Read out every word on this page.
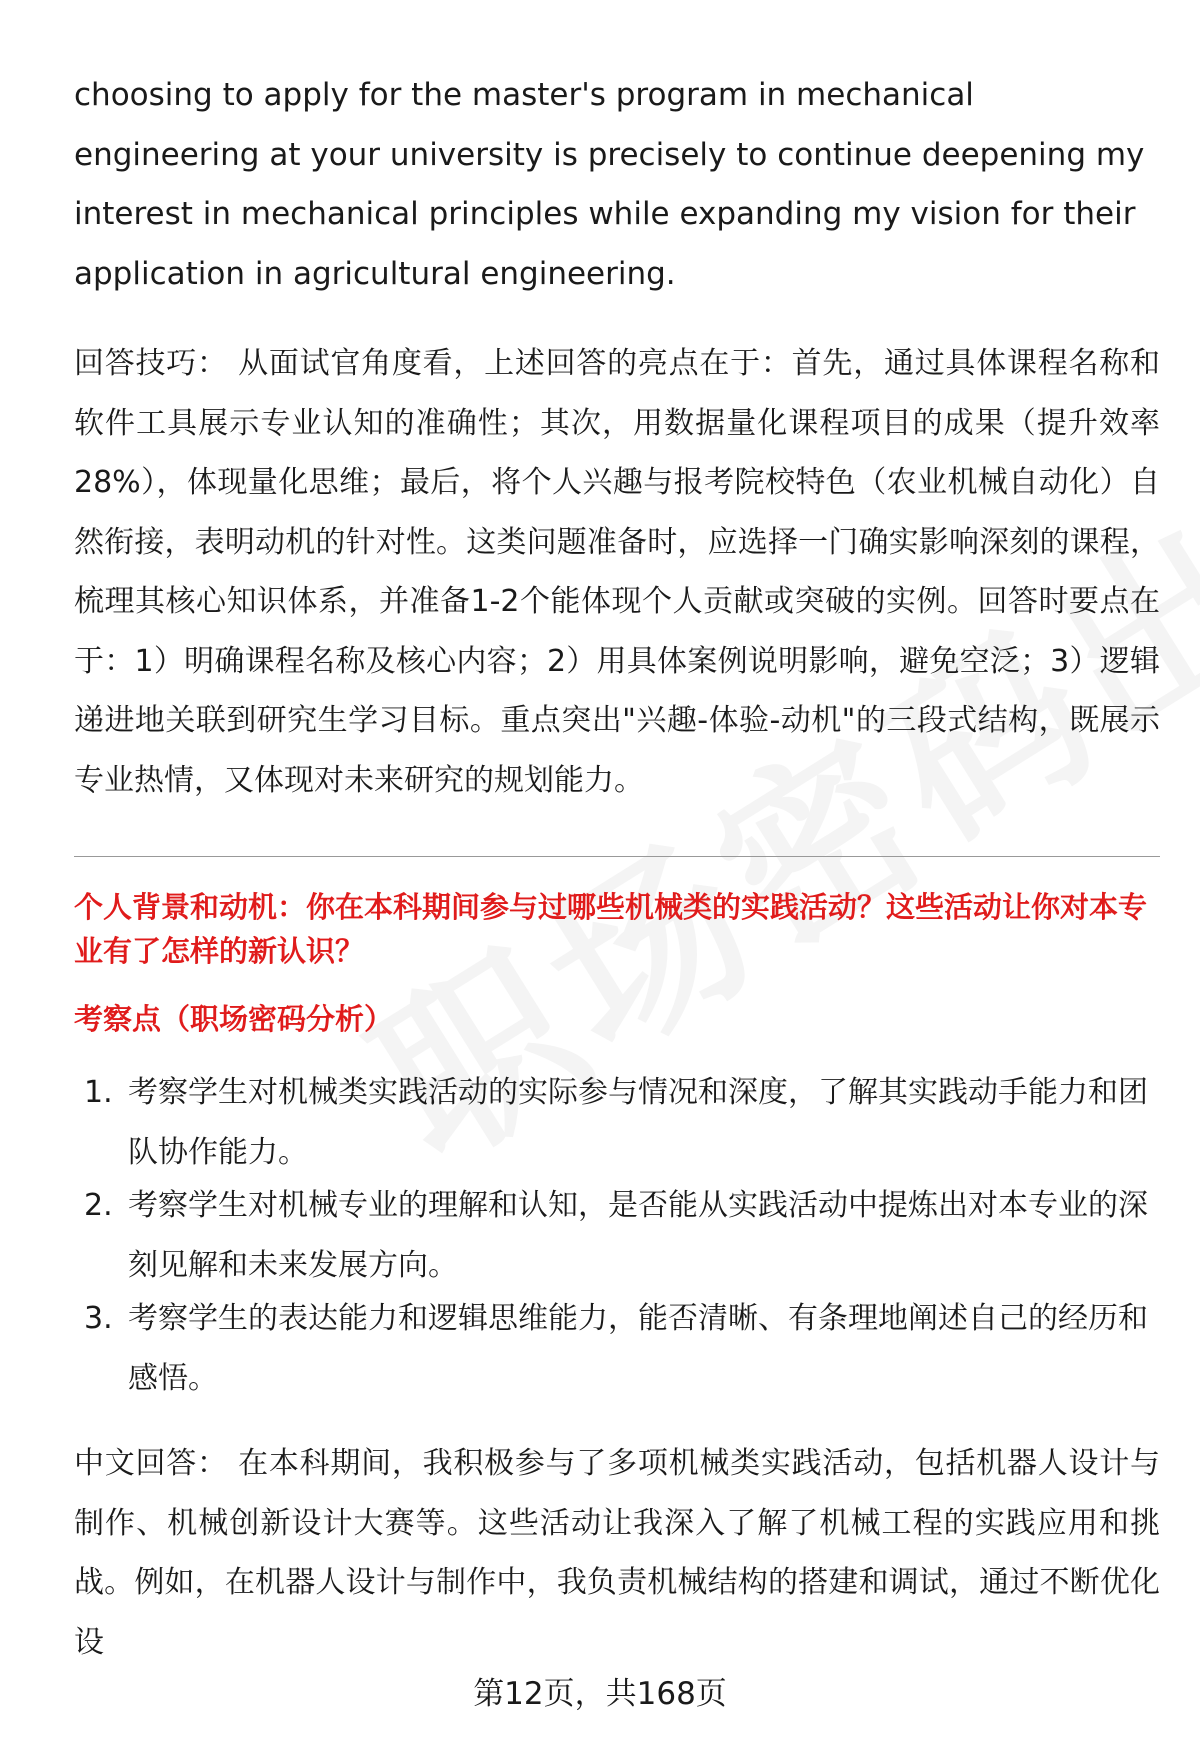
choosing to apply for the master's program in mechanical engineering at your university is precisely to continue deepening my interest in mechanical principles while expanding my vision for their application in agricultural engineering.

回答技巧： 从面试官角度看，上述回答的亮点在于：首先，通过具体课程名称和软件工具展示专业认知的准确性；其次，用数据量化课程项目的成果（提升效率28%），体现量化思维；最后，将个人兴趣与报考院校特色（农业机械自动化）自然衔接，表明动机的针对性。这类问题准备时，应选择一门确实影响深刻的课程，梳理其核心知识体系，并准备1-2个能体现个人贡献或突破的实例。回答时要点在于：1）明确课程名称及核心内容；2）用具体案例说明影响，避免空泛；3）逻辑递进地关联到研究生学习目标。重点突出"兴趣-体验-动机"的三段式结构，既展示专业热情，又体现对未来研究的规划能力。

个人背景和动机：你在本科期间参与过哪些机械类的实践活动？这些活动让你对本专业有了怎样的新认识？

考察点（职场密码分析）

1. 考察学生对机械类实践活动的实际参与情况和深度，了解其实践动手能力和团队协作能力。
2. 考察学生对机械专业的理解和认知，是否能从实践活动中提炼出对本专业的深刻见解和未来发展方向。
3. 考察学生的表达能力和逻辑思维能力，能否清晰、有条理地阐述自己的经历和感悟。

中文回答： 在本科期间，我积极参与了多项机械类实践活动，包括机器人设计与制作、机械创新设计大赛等。这些活动让我深入了解了机械工程的实践应用和挑战。例如，在机器人设计与制作中，我负责机械结构的搭建和调试，通过不断优化设

第12页，共168页
